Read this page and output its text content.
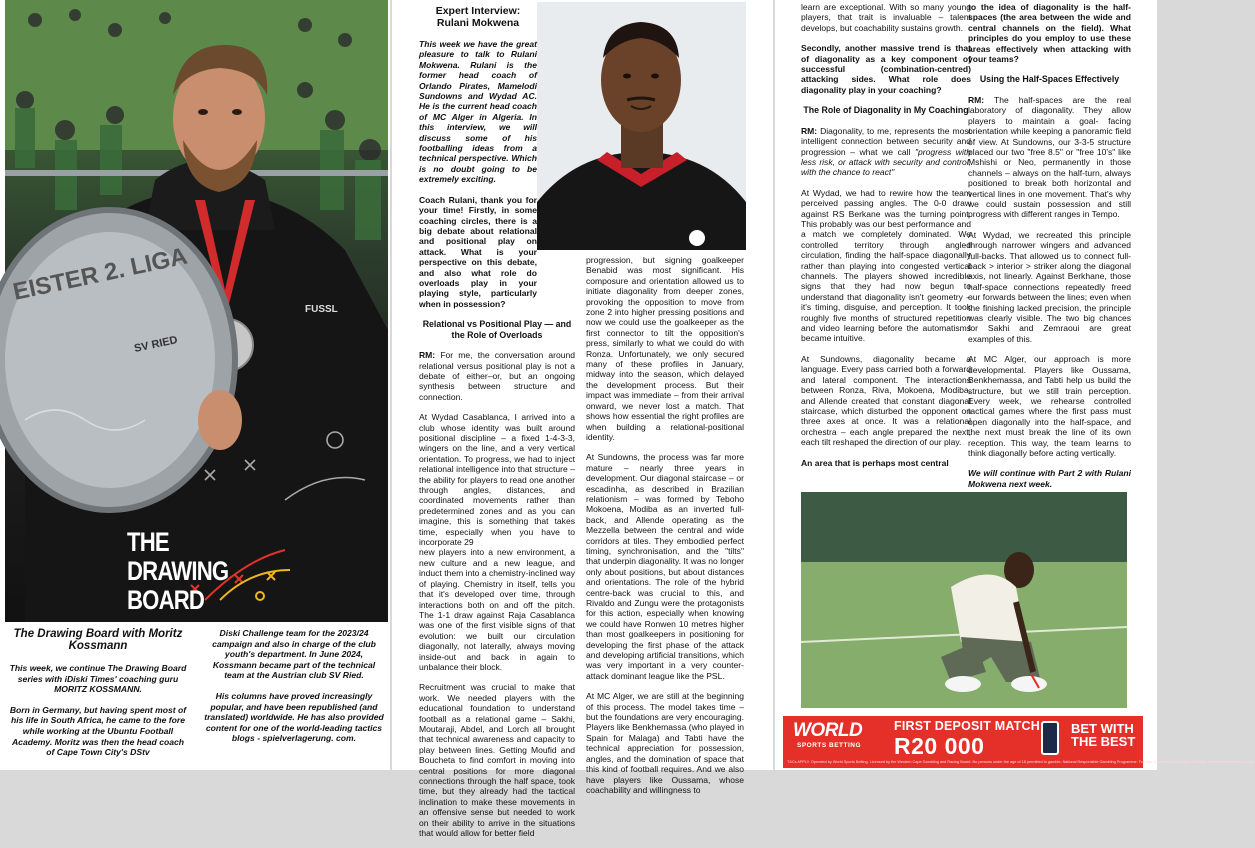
FUSSL
EISTER 2. LIGA
SV RIED
THE DRAWING
BOARD

The Drawing Board with Moritz Kossmann

This week, we continue The Drawing Board series with iDiski Times' coaching guru MORITZ KOSSMANN.

Born in Germany, but having spent most of his life in South Africa, he came to the fore while working at the Ubuntu Football Academy. Moritz was then the head coach of Cape Town City's DStv

Diski Challenge team for the 2023/24 campaign and also in charge of the club youth's department. In June 2024, Kossmann became part of the technical team at the Austrian club SV Ried.

His columns have proved increasingly popular, and have been republished (and translated) worldwide. He has also provided content for one of the world-leading tactics blogs - spielverlagerung. com.

Expert Interview: Rulani Mokwena

This week we have the great pleasure to talk to Rulani Mokwena. Rulani is the former head coach of Orlando Pirates, Mamelodi Sundowns and Wydad AC. He is the current head coach of MC Alger in Algeria. In this interview, we will discuss some of his footballing ideas from a technical perspective. Which is no doubt going to be extremely exciting.

Coach Rulani, thank you for your time! Firstly, in some coaching circles, there is a big debate about relational and positional play on attack. What is your perspective on this debate, and also what role do overloads play in your playing style, particularly when in possession?

Relational vs Positional Play — and the Role of Overloads

RM: For me, the conversation around relational versus positional play is not a debate of either–or, but an ongoing synthesis between structure and connection.

At Wydad Casablanca, I arrived into a club whose identity was built around positional discipline – a fixed 1-4-3-3, wingers on the line, and a very vertical orientation. To progress, we had to inject relational intelligence into that structure – the ability for players to read one another through angles, distances, and coordinated movements rather than predetermined zones and as you can imagine, this is something that takes time, especially when you have to incorporate 29

new players into a new environment, a new culture and a new league, and induct them into a chemistry-inclined way of playing. Chemistry in itself, tells you that it's developed over time, through interactions both on and off the pitch. The 1-1 draw against Raja Casablanca was one of the first visible signs of that evolution: we built our circulation diagonally, not laterally, always moving inside-out and back in again to unbalance their block.

Recruitment was crucial to make that work. We needed players with the educational foundation to understand football as a relational game – Sakhi, Moutaraji, Abdel, and Lorch all brought that technical awareness and capacity to play between lines. Getting Moufid and Boucheta to find comfort in moving into central positions for more diagonal connections through the half space, took time, but they already had the tactical inclination to make these movements in an offensive sense but needed to work on their ability to arrive in the situations that would allow for better field

progression, but signing goalkeeper Benabid was most significant. His composure and orientation allowed us to initiate diagonality from deeper zones, provoking the opposition to move from zone 2 into higher pressing positions and now we could use the goalkeeper as the first connector to tilt the opposition's press, similarly to what we could do with Ronza. Unfortunately, we only secured many of these profiles in January, midway into the season, which delayed the development process. But their impact was immediate – from their arrival onward, we never lost a match. That shows how essential the right profiles are when building a relational-positional identity.

At Sundowns, the process was far more mature – nearly three years in development. Our diagonal staircase – or escadinha, as described in Brazilian relationism – was formed by Teboho Mokoena, Modiba as an inverted full-back, and Allende operating as the Mezzella between the central and wide corridors at tiles. They embodied perfect timing, synchronisation, and the "tilts" that underpin diagonality. It was no longer only about positions, but about distances and orientations. The role of the hybrid centre-back was crucial to this, and Rivaldo and Zungu were the protagonists for this action, especially when knowing we could have Ronwen 10 metres higher than most goalkeepers in positioning for developing the first phase of the attack and developing artificial transitions, which was very important in a very counter-attack dominant league like the PSL.

At MC Alger, we are still at the beginning of this process. The model takes time – but the foundations are very encouraging. Players like Benkhemassa (who played in Spain for Malaga) and Tabti have the technical appreciation for possession, angles, and the domination of space that this kind of football requires. And we also have players like Oussama, whose coachability and willingness to

learn are exceptional. With so many young players, that trait is invaluable – talent develops, but coachability sustains growth.

Secondly, another massive trend is that of diagonality as a key component of successful (combination-centred) attacking sides. What role does diagonality play in your coaching?

The Role of Diagonality in My Coaching

RM: Diagonality, to me, represents the most intelligent connection between security and progression – what we call "progress with less risk, or attack with security and control, with the chance to react"

At Wydad, we had to rewire how the team perceived passing angles. The 0-0 draw against RS Berkane was the turning point. This probably was our best performance and a match we completely dominated. We controlled territory through angled circulation, finding the half-space diagonally rather than playing into congested vertical channels. The players showed incredible signs that they had now begun to understand that diagonality isn't geometry – it's timing, disguise, and perception. It took roughly five months of structured repetition and video learning before the automatisms became intuitive.

At Sundowns, diagonality became a language. Every pass carried both a forward and lateral component. The interactions between Ronza, Riva, Mokoena, Modiba, and Allende created that constant diagonal staircase, which disturbed the opponent on three axes at once. It was a relational orchestra – each angle prepared the next, each tilt reshaped the direction of our play.

An area that is perhaps most central

to the idea of diagonality is the half-spaces (the area between the wide and central channels on the field). What principles do you employ to use these areas effectively when attacking with your teams?

Using the Half-Spaces Effectively

RM: The half-spaces are the real laboratory of diagonality. They allow players to maintain a goal- facing orientation while keeping a panoramic field of view. At Sundowns, our 3-3-5 structure placed our two "free 8.5" or "free 10's" like Mshishi or Neo, permanently in those channels – always on the half-turn, always positioned to break both horizontal and vertical lines in one movement. That's why we could sustain possession and still progress with different ranges in Tempo.

At Wydad, we recreated this principle through narrower wingers and advanced full-backs. That allowed us to connect full-back > interior > striker along the diagonal axis, not linearly. Against Berkhane, those half-space connections repeatedly freed our forwards between the lines; even when the finishing lacked precision, the principle was clearly visible. The two big chances for Sakhi and Zemraoui are great examples of this.

At MC Alger, our approach is more developmental. Players like Oussama, Benkhemassa, and Tabti help us build the structure, but we still train perception. Every week, we rehearse controlled tactical games where the first pass must open diagonally into the half-space, and the next must break the line of its own reception. This way, the team learns to think diagonally before acting vertically.

We will continue with Part 2 with Rulani Mokwena next week.

WORLD
SPORTS BETTING
FIRST DEPOSIT MATCH
R20 000
BET WITH
THE BEST
T&Cs APPLY. Operated by World Sports Betting. Licensed by the Western Cape Gambling and Racing Board. No persons under the age of 18 permitted to gamble. National Responsible Gambling Programme. Toll-free Counselling Line 0800 006 008. Winners know when to stop.
